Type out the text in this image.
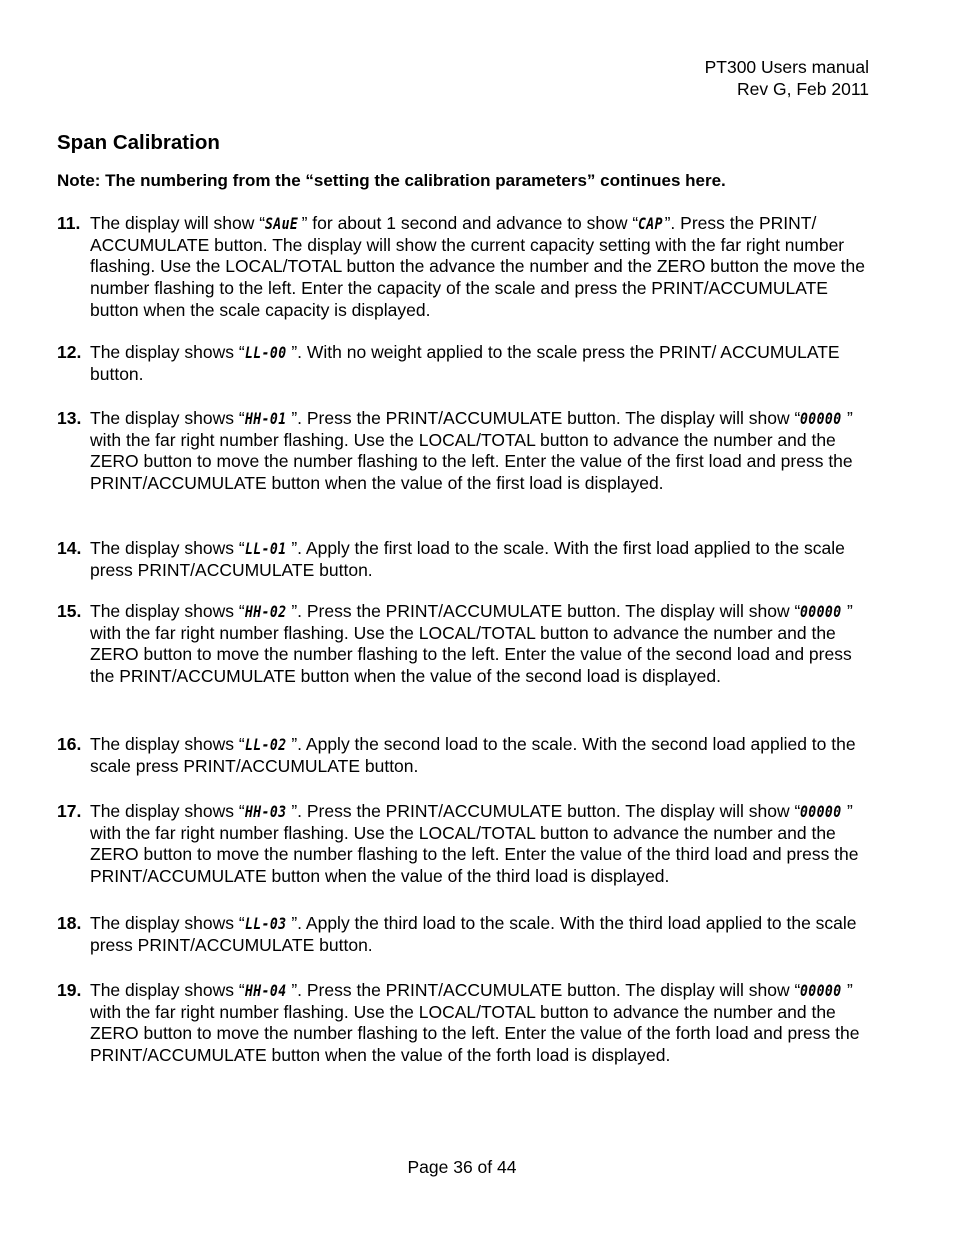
PT300 Users manual
Rev G, Feb 2011
Span Calibration
Note: The numbering from the “setting the calibration parameters” continues here.
11. The display will show “SAuE ” for about 1 second and advance to show “CAP”. Press the PRINT/ ACCUMULATE button. The display will show the current capacity setting with the far right number flashing. Use the LOCAL/TOTAL button the advance the number and the ZERO button the move the number flashing to the left. Enter the capacity of the scale and press the PRINT/ACCUMULATE button when the scale capacity is displayed.
12. The display shows “LL-00 ”. With no weight applied to the scale press the PRINT/ ACCUMULATE button.
13. The display shows “HH-01 ”. Press the PRINT/ACCUMULATE button. The display will show “00000 ” with the far right number flashing. Use the LOCAL/TOTAL button to advance the number and the ZERO button to move the number flashing to the left. Enter the value of the first load and press the PRINT/ACCUMULATE button when the value of the first load is displayed.
14. The display shows “LL-01 ”. Apply the first load to the scale. With the first load applied to the scale press PRINT/ACCUMULATE button.
15. The display shows “HH-02 ”. Press the PRINT/ACCUMULATE button. The display will show “00000 ” with the far right number flashing. Use the LOCAL/TOTAL button to advance the number and the ZERO button to move the number flashing to the left. Enter the value of the second load and press the PRINT/ACCUMULATE button when the value of the second load is displayed.
16. The display shows “LL-02 ”. Apply the second load to the scale. With the second load applied to the scale press PRINT/ACCUMULATE button.
17. The display shows “HH-03 ”. Press the PRINT/ACCUMULATE button. The display will show “00000 ” with the far right number flashing. Use the LOCAL/TOTAL button to advance the number and the ZERO button to move the number flashing to the left. Enter the value of the third load and press the PRINT/ACCUMULATE button when the value of the third load is displayed.
18. The display shows “LL-03 ”. Apply the third load to the scale. With the third load applied to the scale press PRINT/ACCUMULATE button.
19. The display shows “HH-04 ”. Press the PRINT/ACCUMULATE button. The display will show “00000 ” with the far right number flashing. Use the LOCAL/TOTAL button to advance the number and the ZERO button to move the number flashing to the left. Enter the value of the forth load and press the PRINT/ACCUMULATE button when the value of the forth load is displayed.
Page 36 of 44
